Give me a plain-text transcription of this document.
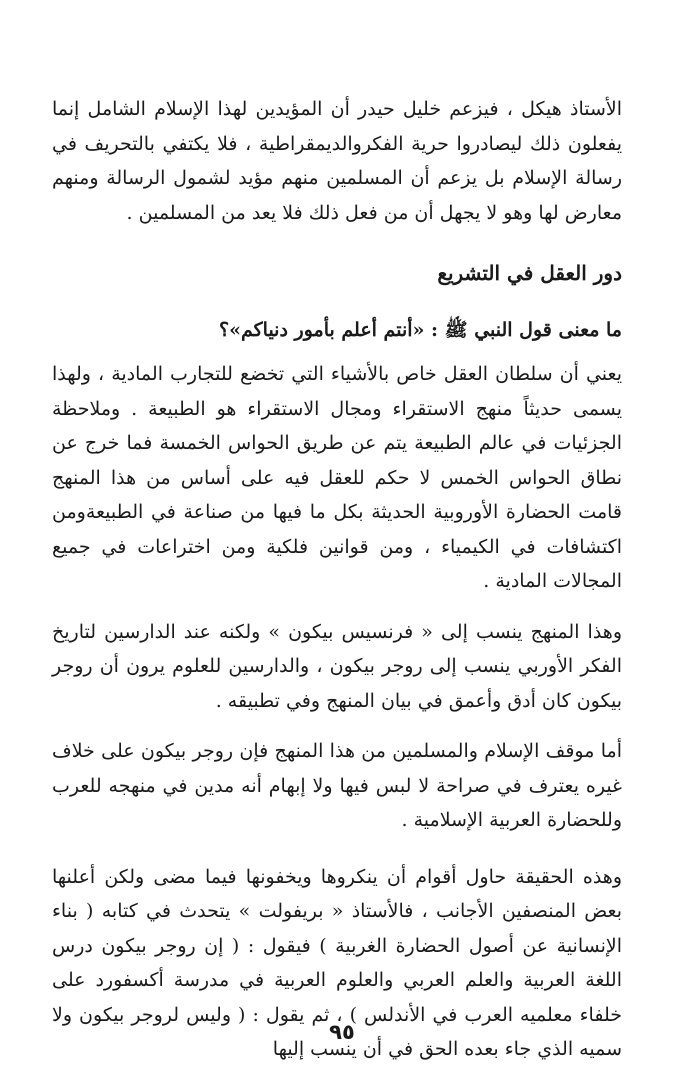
الأستاذ هيكل ، فيزعم خليل حيدر أن المؤيدين لهذا الإسلام الشامل إنما يفعلون ذلك ليصادروا حرية الفكروالديمقراطية ، فلا يكتفي بالتحريف في رسالة الإسلام بل يزعم أن المسلمين منهم مؤيد لشمول الرسالة ومنهم معارض لها وهو لا يجهل أن من فعل ذلك فلا يعد من المسلمين .

دور العقل في التشريع

ما معنى قول النبي ﷺ : «أنتم أعلم بأمور دنياكم»؟

يعني أن سلطان العقل خاص بالأشياء التي تخضع للتجارب المادية ، ولهذا يسمى حديثاً منهج الاستقراء ومجال الاستقراء هو الطبيعة . وملاحظة الجزئيات في عالم الطبيعة يتم عن طريق الحواس الخمسة فما خرج عن نطاق الحواس الخمس لا حكم للعقل فيه على أساس من هذا المنهج قامت الحضارة الأوروبية الحديثة بكل ما فيها من صناعة في الطبيعةومن اكتشافات في الكيمياء ، ومن قوانين فلكية ومن اختراعات في جميع المجالات المادية .

وهذا المنهج ينسب إلى « فرنسيس بيكون » ولكنه عند الدارسين لتاريخ الفكر الأوربي ينسب إلى روجر بيكون ، والدارسين للعلوم يرون أن روجر بيكون كان أدق وأعمق في بيان المنهج وفي تطبيقه .

أما موقف الإسلام والمسلمين من هذا المنهج فإن روجر بيكون على خلاف غيره يعترف في صراحة لا لبس فيها ولا إبهام أنه مدين في منهجه للعرب وللحضارة العربية الإسلامية .

وهذه الحقيقة حاول أقوام أن ينكروها ويخفونها فيما مضى ولكن أعلنها بعض المنصفين الأجانب ، فالأستاذ « بريفولت » يتحدث في كتابه ( بناء الإنسانية عن أصول الحضارة الغربية ) فيقول : ( إن روجر بيكون درس اللغة العربية والعلم العربي والعلوم العربية في مدرسة أكسفورد على خلفاء معلميه العرب في الأندلس ) ، ثم يقول : ( وليس لروجر بيكون ولا سميه الذي جاء بعده الحق في أن ينسب إليها

٩٥
